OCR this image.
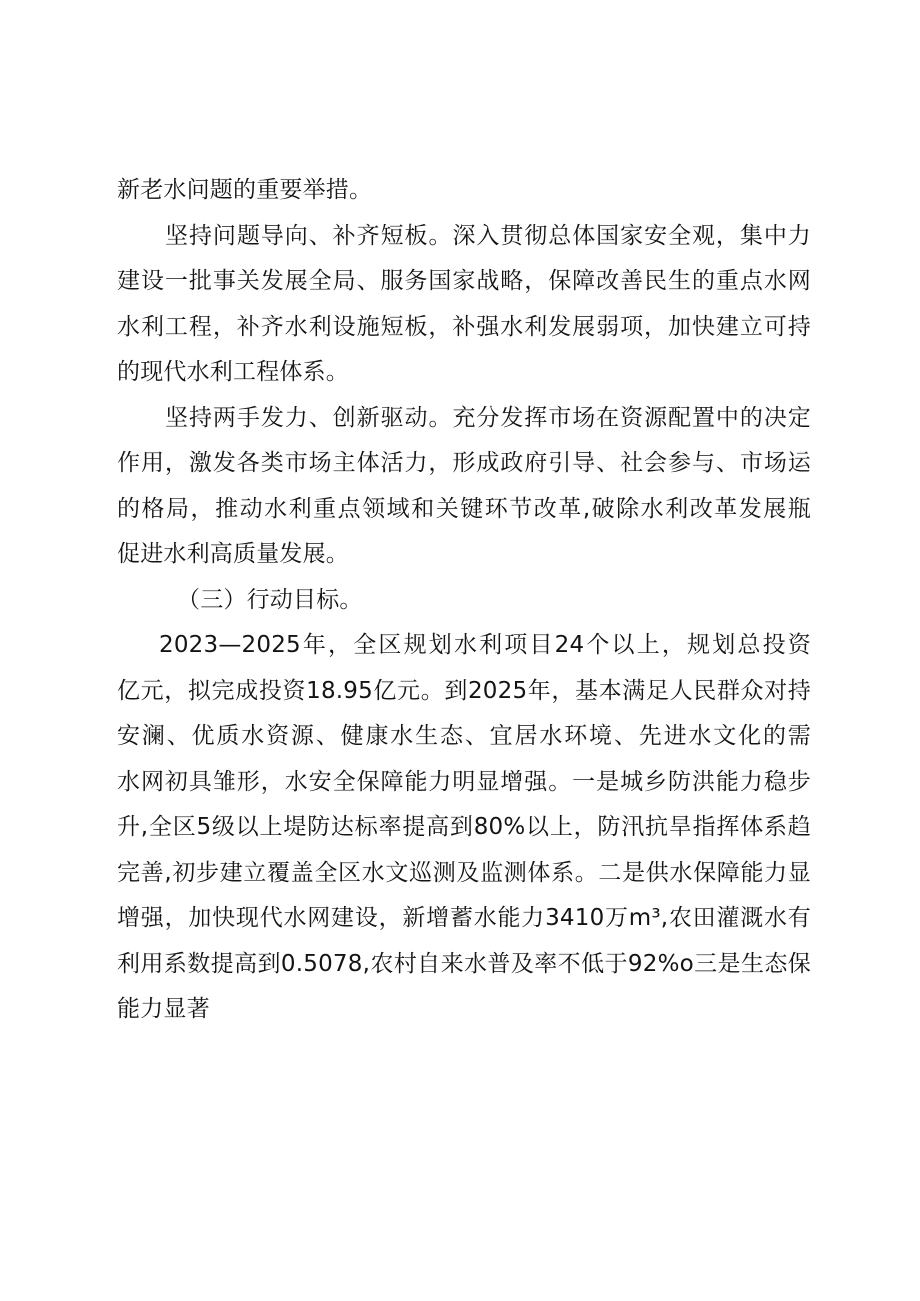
新老水问题的重要举措。
坚持问题导向、补齐短板。深入贯彻总体国家安全观，集中力
建设一批事关发展全局、服务国家战略，保障改善民生的重点水网
水利工程，补齐水利设施短板，补强水利发展弱项，加快建立可持
的现代水利工程体系。
坚持两手发力、创新驱动。充分发挥市场在资源配置中的决定
作用，激发各类市场主体活力，形成政府引导、社会参与、市场运
的格局，推动水利重点领域和关键环节改革,破除水利改革发展瓶
促进水利高质量发展。
（三）行动目标。
2023—2025年，全区规划水利项目24个以上，规划总投资
亿元，拟完成投资18.95亿元。到2025年，基本满足人民群众对持
安澜、优质水资源、健康水生态、宜居水环境、先进水文化的需
水网初具雏形，水安全保障能力明显增强。一是城乡防洪能力稳步
升,全区5级以上堤防达标率提高到80%以上，防汛抗旱指挥体系趋
完善,初步建立覆盖全区水文巡测及监测体系。二是供水保障能力显
增强，加快现代水网建设，新增蓄水能力3410万m³,农田灌溉水有
利用系数提高到0.5078,农村自来水普及率不低于92%o三是生态保
能力显著
